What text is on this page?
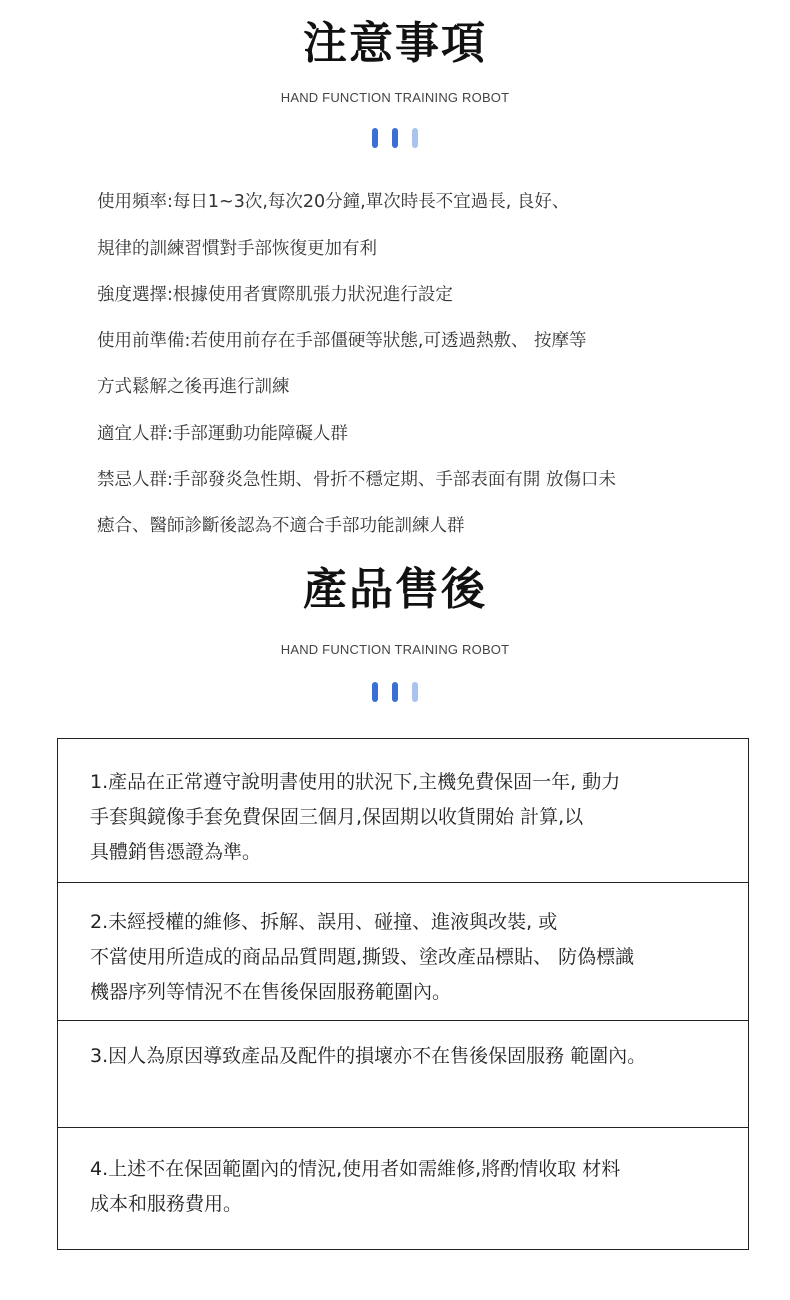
注意事項
HAND FUNCTION TRAINING ROBOT
使用頻率:每日1~3次,每次20分鐘,單次時長不宜過長, 良好、
規律的訓練習慣對手部恢復更加有利
強度選擇:根據使用者實際肌張力狀況進行設定
使用前準備:若使用前存在手部僵硬等狀態,可透過熱敷、 按摩等
方式鬆解之後再進行訓練
適宜人群:手部運動功能障礙人群
禁忌人群:手部發炎急性期、骨折不穩定期、手部表面有開 放傷口未
癒合、醫師診斷後認為不適合手部功能訓練人群
產品售後
HAND FUNCTION TRAINING ROBOT
1.產品在正常遵守說明書使用的狀況下,主機免費保固一年, 動力
手套與鏡像手套免費保固三個月,保固期以收貨開始 計算,以
具體銷售憑證為準。
2.未經授權的維修、拆解、誤用、碰撞、進液與改裝, 或
不當使用所造成的商品品質問題,撕毀、塗改產品標貼、 防偽標識
機器序列等情況不在售後保固服務範圍內。
3.因人為原因導致產品及配件的損壞亦不在售後保固服務 範圍內。
4.上述不在保固範圍內的情況,使用者如需維修,將酌情收取 材料
成本和服務費用。
